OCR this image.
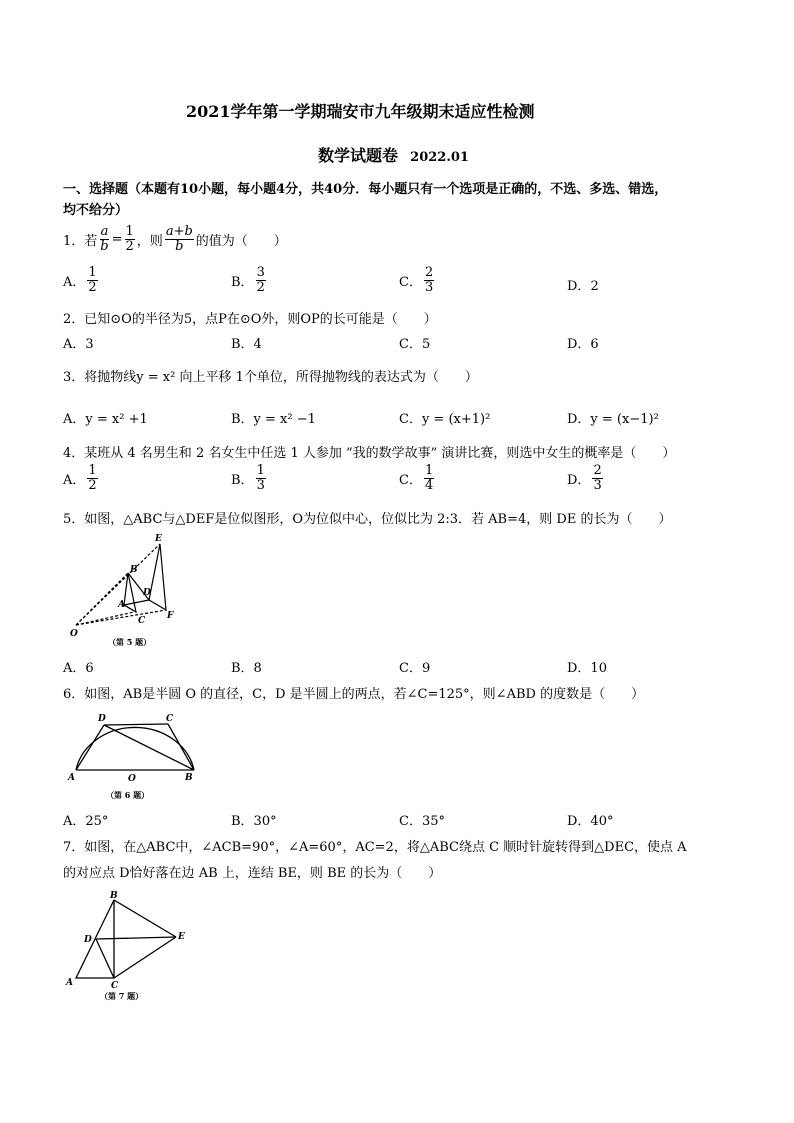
2021学年第一学期瑞安市九年级期末适应性检测
数学试题卷 2022.01
一、选择题（本题有10小题，每小题4分，共40分．每小题只有一个选项是正确的，不选、多选、错选，
均不给分）
1．若 $\frac{a}{b} = \frac{1}{2}$ ，则 $\frac{a+b}{b}$ 的值为（　　）
A． $\frac{1}{2}$	B． $\frac{3}{2}$	C． $\frac{2}{3}$	D．2
2．已知⊙O的半径为5，点P在⊙O外，则OP的长可能是（　　）
A．3	B．4	C．5	D．6
3．将抛物线y = x² 向上平移 1个单位，所得抛物线的表达式为（　　）
A．y = x² +1	B．y = x² −1	C．y = (x+1)²	D．y = (x−1)²
4．某班从 4 名男生和 2 名女生中任选 1 人参加 “我的数学故事” 演讲比赛，则选中女生的概率是（　　）
A． $\frac{1}{2}$	B． $\frac{1}{3}$	C． $\frac{1}{4}$	D． $\frac{2}{3}$
5．如图，△ABC与△DEF是位似图形，O为位似中心，位似比为 2:3．若 AB=4，则 DE 的长为（　　）
E
B
D
A
C F
O
（第 5 题）
A．6	B．8	C．9	D．10
6．如图，AB是半圆 O 的直径，C，D 是半圆上的两点，若∠C=125°，则∠ABD 的度数是（　　）
D	C
A	O	B
（第 6 题）
A．25°	B．30°	C．35°	D．40°
7．如图，在△ABC中，∠ACB=90°，∠A=60°，AC=2，将△ABC绕点 C 顺时针旋转得到△DEC，使点 A
的对应点 D恰好落在边 AB 上，连结 BE，则 BE 的长为（　　）
B
D	E
A	C
（第 7 题）
